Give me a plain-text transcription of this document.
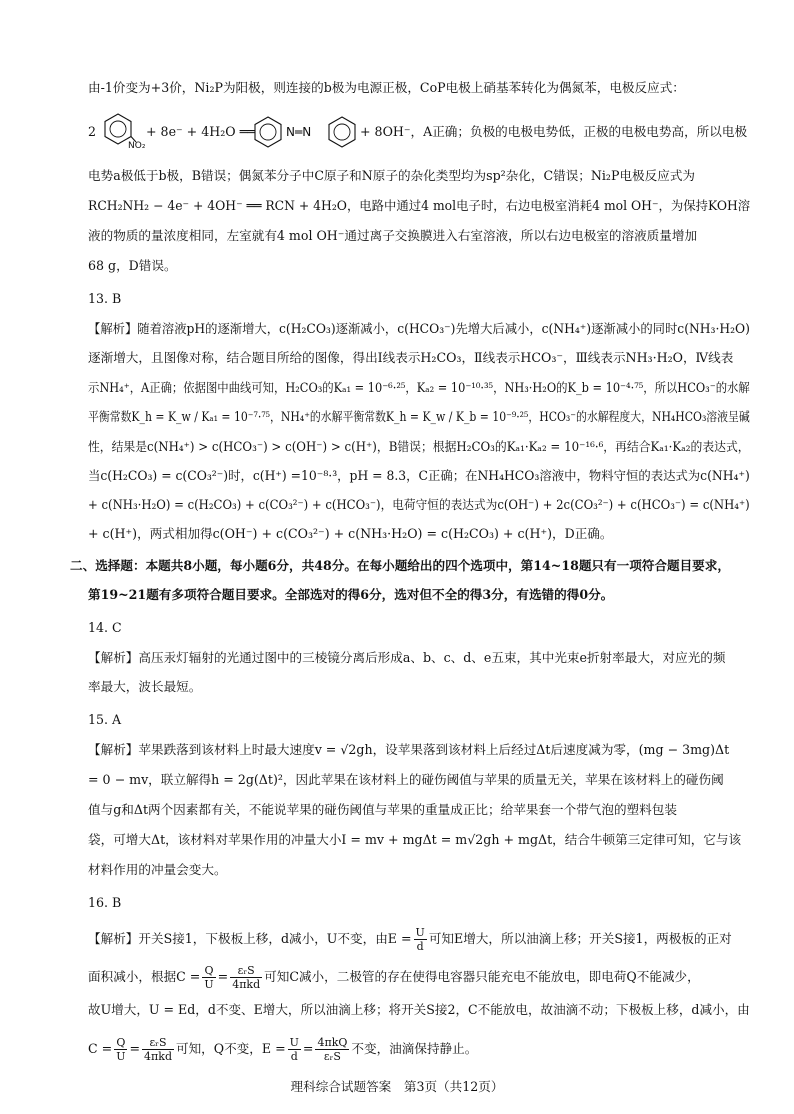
由-1价变为+3价，Ni₂P为阳极，则连接的b极为电源正极，CoP电极上硝基苯转化为偶氮苯，电极反应式：
2
NO₂
+ 8e⁻ + 4H₂O ══	N═N	+ 8OH⁻，A正确；负极的电极电势低，正极的电极电势高，所以电极
电势a极低于b极，B错误；偶氮苯分子中C原子和N原子的杂化类型均为sp²杂化，C错误；Ni₂P电极反应式为
RCH₂NH₂ − 4e⁻ + 4OH⁻ ══ RCN + 4H₂O，电路中通过4 mol电子时，右边电极室消耗4 mol OH⁻，为保持KOH溶
液的物质的量浓度相同，左室就有4 mol OH⁻通过离子交换膜进入右室溶液，所以右边电极室的溶液质量增加
68 g，D错误。
13. B
【解析】随着溶液pH的逐渐增大，c(H₂CO₃)逐渐减小，c(HCO₃⁻)先增大后减小，c(NH₄⁺)逐渐减小的同时c(NH₃·H₂O)
逐渐增大，且图像对称，结合题目所给的图像，得出Ⅰ线表示H₂CO₃，Ⅱ线表示HCO₃⁻，Ⅲ线表示NH₃·H₂O，Ⅳ线表
示NH₄⁺，A正确；依据图中曲线可知，H₂CO₃的Kₐ₁ = 10⁻⁶·²⁵，Kₐ₂ = 10⁻¹⁰·³⁵，NH₃·H₂O的K_b = 10⁻⁴·⁷⁵，所以HCO₃⁻的水解
平衡常数K_h = K_w / Kₐ₁ = 10⁻⁷·⁷⁵，NH₄⁺的水解平衡常数K_h = K_w / K_b = 10⁻⁹·²⁵，HCO₃⁻的水解程度大，NH₄HCO₃溶液呈碱
性，结果是c(NH₄⁺) > c(HCO₃⁻) > c(OH⁻) > c(H⁺)，B错误；根据H₂CO₃的Kₐ₁·Kₐ₂ = 10⁻¹⁶·⁶，再结合Kₐ₁·Kₐ₂的表达式，
当c(H₂CO₃) = c(CO₃²⁻)时，c(H⁺) =10⁻⁸·³，pH = 8.3，C正确；在NH₄HCO₃溶液中，物料守恒的表达式为c(NH₄⁺)
+ c(NH₃·H₂O) = c(H₂CO₃) + c(CO₃²⁻) + c(HCO₃⁻)，电荷守恒的表达式为c(OH⁻) + 2c(CO₃²⁻) + c(HCO₃⁻) = c(NH₄⁺)
+ c(H⁺)，两式相加得c(OH⁻) + c(CO₃²⁻) + c(NH₃·H₂O) = c(H₂CO₃) + c(H⁺)，D正确。
二、选择题：本题共8小题，每小题6分，共48分。在每小题给出的四个选项中，第14~18题只有一项符合题目要求，
第19~21题有多项符合题目要求。全部选对的得6分，选对但不全的得3分，有选错的得0分。
14. C
【解析】高压汞灯辐射的光通过图中的三棱镜分离后形成a、b、c、d、e五束，其中光束e折射率最大，对应光的频
率最大，波长最短。
15. A
【解析】苹果跌落到该材料上时最大速度v = √2gh，设苹果落到该材料上后经过Δt后速度减为零，(mg − 3mg)Δt
= 0 − mv，联立解得h = 2g(Δt)²，因此苹果在该材料上的碰伤阈值与苹果的质量无关，苹果在该材料上的碰伤阈
值与g和Δt两个因素都有关，不能说苹果的碰伤阈值与苹果的重量成正比；给苹果套一个带气泡的塑料包装
袋，可增大Δt，该材料对苹果作用的冲量大小I = mv + mgΔt = m√2gh + mgΔt，结合牛顿第三定律可知，它与该
材料作用的冲量会变大。
16. B
【解析】开关S接1，下极板上移，d减小，U不变，由$E = \frac{U}{d}$ 可知E增大，所以油滴上移；开关S接1，两极板的正对
面积减小，根据$C = \frac{Q}{U} = \frac{\text{εᵣS}}{\text{4πkd}}$ 可知C减小，二极管的存在使得电容器只能充电不能放电，即电荷Q不能减少，
故U增大，U = Ed，d不变、E增大，所以油滴上移；将开关S接2，C不能放电，故油滴不动；下极板上移，d减小，由
$C = \frac{Q}{U} = \frac{\text{εᵣS}}{\text{4πkd}}$ 可知，Q不变，$E = \frac{U}{d} = \frac{\text{4πkQ}}{\text{εᵣS}}$ 不变，油滴保持静止。
理科综合试题答案　第3页（共12页）
